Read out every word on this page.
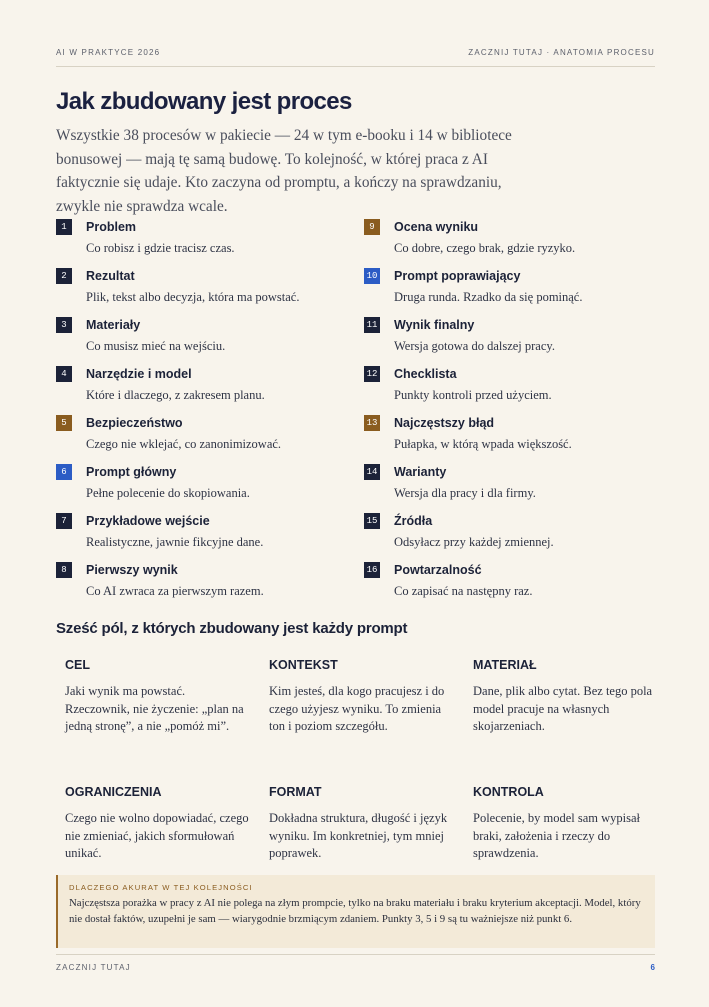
AI W PRAKTYCE 2026	ZACZNIJ TUTAJ · ANATOMIA PROCESU
Jak zbudowany jest proces

Wszystkie 38 procesów w pakiecie — 24 w tym e-booku i 14 w bibliotece bonusowej — mają tę samą budowę. To kolejność, w której praca z AI faktycznie się udaje. Kto zaczyna od promptu, a kończy na sprawdzaniu, zwykle nie sprawdza wcale.

1	Problem
Co robisz i gdzie tracisz czas.
2	Rezultat
Plik, tekst albo decyzja, która ma powstać.
3	Materiały
Co musisz mieć na wejściu.
4	Narzędzie i model
Które i dlaczego, z zakresem planu.
5	Bezpieczeństwo
Czego nie wklejać, co zanonimizować.
6	Prompt główny
Pełne polecenie do skopiowania.
7	Przykładowe wejście
Realistyczne, jawnie fikcyjne dane.
8	Pierwszy wynik
Co AI zwraca za pierwszym razem.
9	Ocena wyniku
Co dobre, czego brak, gdzie ryzyko.
10 Prompt poprawiający
Druga runda. Rzadko da się pominąć.
11 Wynik finalny
Wersja gotowa do dalszej pracy.
12 Checklista
Punkty kontroli przed użyciem.
13 Najczęstszy błąd
Pułapka, w którą wpada większość.
14 Warianty
Wersja dla pracy i dla firmy.
15 Źródła
Odsyłacz przy każdej zmiennej.
16 Powtarzalność
Co zapisać na następny raz.
Sześć pól, z których zbudowany jest każdy prompt
CEL
Jaki wynik ma powstać. Rzeczownik, nie życzenie: „plan na jedną stronę”, a nie „pomóż mi”.
KONTEKST
Kim jesteś, dla kogo pracujesz i do czego użyjesz wyniku. To zmienia ton i poziom szczegółu.
MATERIAŁ
Dane, plik albo cytat. Bez tego pola model pracuje na własnych skojarzeniach.
OGRANICZENIA
Czego nie wolno dopowiadać, czego nie zmieniać, jakich sformułowań unikać.
FORMAT
Dokładna struktura, długość i język wyniku. Im konkretniej, tym mniej poprawek.
KONTROLA
Polecenie, by model sam wypisał braki, założenia i rzeczy do sprawdzenia.
DLACZEGO AKURAT W TEJ KOLEJNOŚCI
Najczęstsza porażka w pracy z AI nie polega na złym prompcie, tylko na braku materiału i braku kryterium akceptacji. Model, który nie dostał faktów, uzupełni je sam — wiarygodnie brzmiącym zdaniem. Punkty 3, 5 i 9 są tu ważniejsze niż punkt 6.
ZACZNIJ TUTAJ	6
